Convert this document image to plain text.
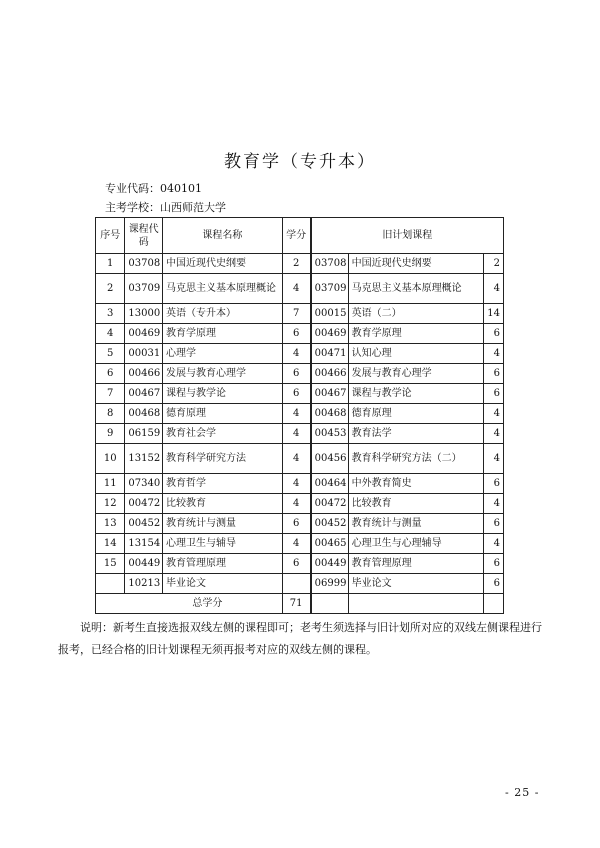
教育学（专升本）
专业代码：040101
主考学校：山西师范大学
序号	课程代码	课程名称	学分	旧计划课程		
1	03708	中国近现代史纲要	2	03708	中国近现代史纲要	2
2	03709	马克思主义基本原理概论	4	03709	马克思主义基本原理概论	4
3	13000	英语（专升本）	7	00015	英语（二）	14
4	00469	教育学原理	6	00469	教育学原理	6
5	00031	心理学	4	00471	认知心理	4
6	00466	发展与教育心理学	6	00466	发展与教育心理学	6
7	00467	课程与教学论	6	00467	课程与教学论	6
8	00468	德育原理	4	00468	德育原理	4
9	06159	教育社会学	4	00453	教育法学	4
10	13152	教育科学研究方法	4	00456	教育科学研究方法（二）	4
11	07340	教育哲学	4	00464	中外教育简史	6
12	00472	比较教育	4	00472	比较教育	4
13	00452	教育统计与测量	6	00452	教育统计与测量	6
14	13154	心理卫生与辅导	4	00465	心理卫生与心理辅导	4
15	00449	教育管理原理	6	00449	教育管理原理	6
	10213	毕业论文		06999	毕业论文	6
总学分			71			

说明：新考生直接选报双线左侧的课程即可；老考生须选择与旧计划所对应的双线左侧课程进行报考，已经合格的旧计划课程无须再报考对应的双线左侧的课程。

- 25 -
